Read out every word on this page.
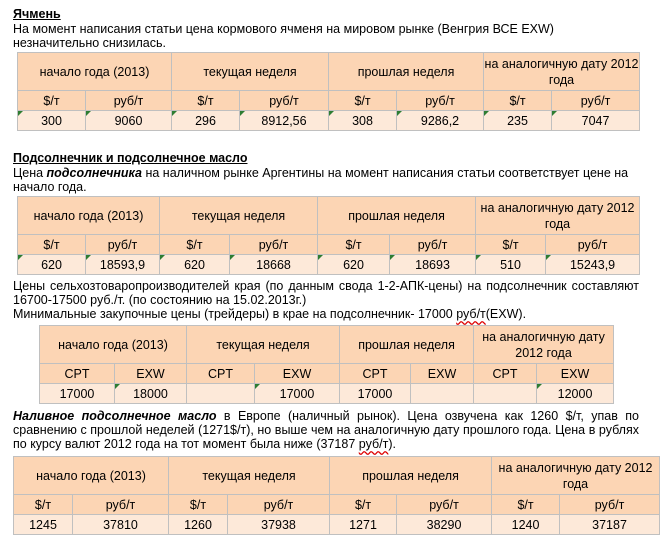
Ячмень
На момент написания статьи цена кормового ячменя на мировом рынке (Венгрия ВСЕ EXW) незначительно снизилась.
начало года (2013)		текущая неделя		прошлая неделя		на аналогичную дату 2012 года	
$/т	руб/т	$/т	руб/т	$/т	руб/т	$/т	руб/т
300	9060	296	8912,56	308	9286,2	235	7047
Подсолнечник и подсолнечное масло
Цена подсолнечника на наличном рынке Аргентины на момент написания статьи соответствует цене на начало года.
начало года (2013)		текущая неделя		прошлая неделя		на аналогичную дату 2012 года	
$/т	руб/т	$/т	руб/т	$/т	руб/т	$/т	руб/т
620	18593,9	620	18668	620	18693	510	15243,9
Цены сельхозтоваропроизводителей края (по данным свода 1-2-АПК-цены) на подсолнечник составляют 16700-17500 руб./т. (по состоянию на 15.02.2013г.)
Минимальные закупочные цены (трейдеры) в крае на подсолнечник- 17000 руб/т(EXW).
начало года (2013)		текущая неделя		прошлая неделя		на аналогичную дату 2012 года	
CPT	EXW	CPT	EXW	CPT	EXW	CPT	EXW
17000	18000		17000	17000			12000
Наливное подсолнечное масло в Европе (наличный рынок). Цена озвучена как 1260 $/т, упав по сравнению с прошлой неделей (1271$/т), но выше чем на аналогичную дату прошлого года. Цена в рублях по курсу валют 2012 года на тот момент была ниже (37187 руб/т).
начало года (2013)		текущая неделя		прошлая неделя		на аналогичную дату 2012 года	
$/т	руб/т	$/т	руб/т	$/т	руб/т	$/т	руб/т
1245	37810	1260	37938	1271	38290	1240	37187
